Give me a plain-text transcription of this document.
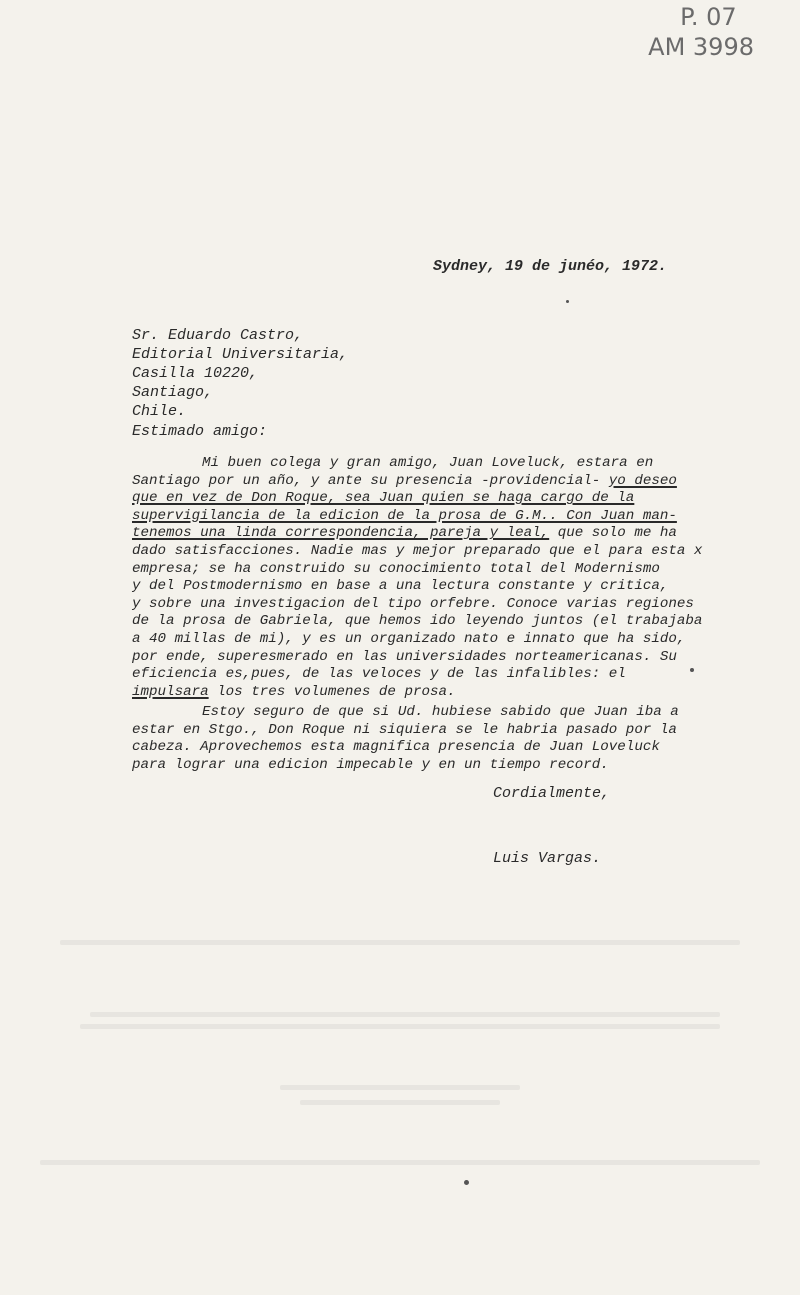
P. 07
AM 3998
Sydney, 19 de junéo, 1972.
Sr. Eduardo Castro,
Editorial Universitaria,
Casilla 10220,
Santiago,
Chile.
Estimado amigo:
Mi buen colega y gran amigo, Juan Loveluck, estara en
Santiago por un año, y ante su presencia -providencial- yo deseo
que en vez de Don Roque, sea Juan quien se haga cargo de la
supervigilancia de la edicion de la prosa de G.M.. Con Juan man-
tenemos una linda correspondencia, pareja y leal, que solo me ha
dado satisfacciones. Nadie mas y mejor preparado que el para esta x
empresa; se ha construido su conocimiento total del Modernismo
y del Postmodernismo en base a una lectura constante y critica,
y sobre una investigacion del tipo orfebre. Conoce varias regiones
de la prosa de Gabriela, que hemos ido leyendo juntos (el trabajaba
a 40 millas de mi), y es un organizado nato e innato que ha sido,
por ende, superesmerado en las universidades norteamericanas. Su
eficiencia es,pues, de las veloces y de las infalibles: el
impulsara los tres volumenes de prosa.
Estoy seguro de que si Ud. hubiese sabido que Juan iba a
estar en Stgo., Don Roque ni siquiera se le habria pasado por la
cabeza. Aprovechemos esta magnifica presencia de Juan Loveluck
para lograr una edicion impecable y en un tiempo record.
Cordialmente,
Luis Vargas.
